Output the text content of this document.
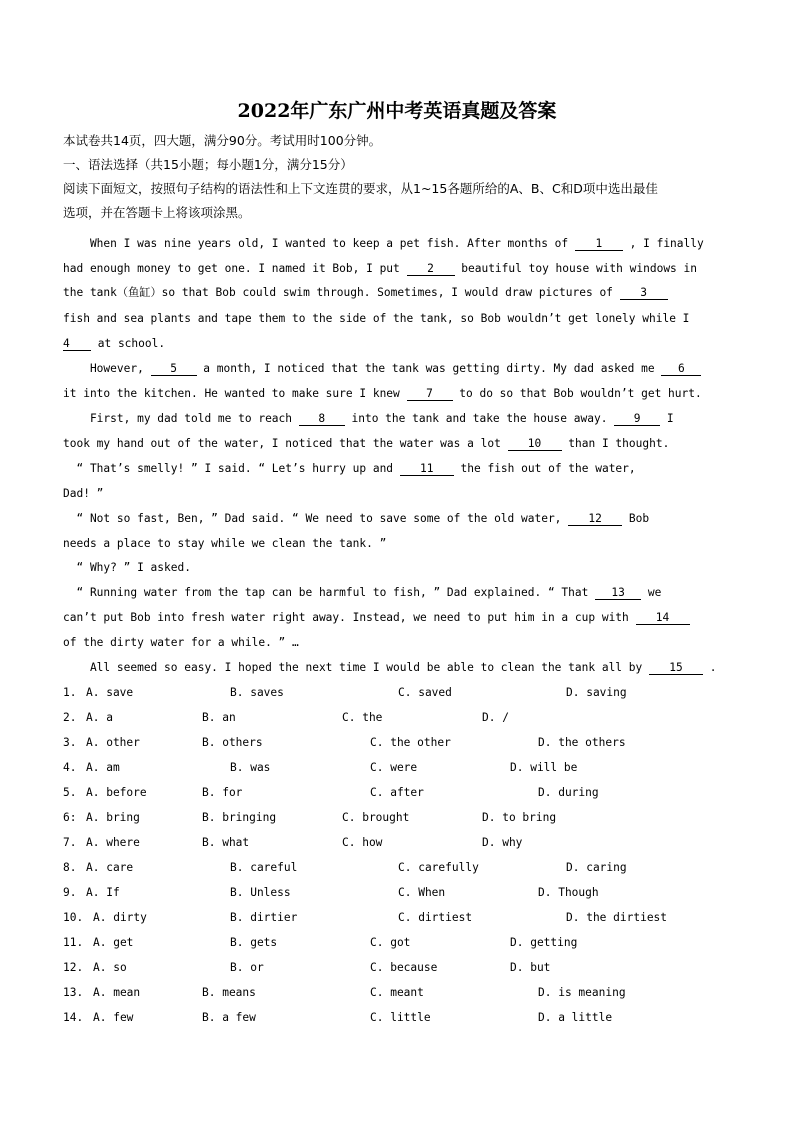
2022年广东广州中考英语真题及答案
本试卷共14页，四大题，满分90分。考试用时100分钟。
一、语法选择（共15小题；每小题1分，满分15分）
阅读下面短文，按照句子结构的语法性和上下文连贯的要求，从1~15各题所给的A、B、C和D项中选出最佳
选项，并在答题卡上将该项涂黑。
When I was nine years old, I wanted to keep a pet fish. After months of 1 , I finally
had enough money to get one. I named it Bob, I put 2 beautiful toy house with windows in
the tank（鱼缸）so that Bob could swim through. Sometimes, I would draw pictures of 3
fish and sea plants and tape them to the side of the tank, so Bob wouldn’t get lonely while I
4 at school.
However, 5 a month, I noticed that the tank was getting dirty. My dad asked me 6
it into the kitchen. He wanted to make sure I knew 7 to do so that Bob wouldn’t get hurt.
First, my dad told me to reach 8 into the tank and take the house away. 9 I
took my hand out of the water, I noticed that the water was a lot 10 than I thought.
“ That’s smelly! ” I said. “ Let’s hurry up and 11 the fish out of the water,
Dad! ”
“ Not so fast, Ben, ” Dad said. “ We need to save some of the old water, 12 Bob
needs a place to stay while we clean the tank. ”
“ Why? ” I asked.
“ Running water from the tap can be harmful to fish, ” Dad explained. “ That 13 we
can’t put Bob into fresh water right away. Instead, we need to put him in a cup with 14
of the dirty water for a while. ” …
All seemed so easy. I hoped the next time I would be able to clean the tank all by 15 .
1. A. save	B. saves	C. saved	D. saving
2. A. a	B. an	C. the	D. /
3. A. other	B. others	C. the other	D. the others
4. A. am	B. was	C. were	D. will be
5. A. before	B. for	C. after	D. during
6: A. bring	B. bringing	C. brought	D. to bring
7. A. where	B. what	C. how	D. why
8. A. care	B. careful	C. carefully	D. caring
9. A. If	B. Unless	C. When	D. Though
10. A. dirty	B. dirtier	C. dirtiest	D. the dirtiest
11. A. get	B. gets	C. got	D. getting
12. A. so	B. or	C. because	D. but
13. A. mean	B. means	C. meant	D. is meaning
14. A. few	B. a few	C. little	D. a little
